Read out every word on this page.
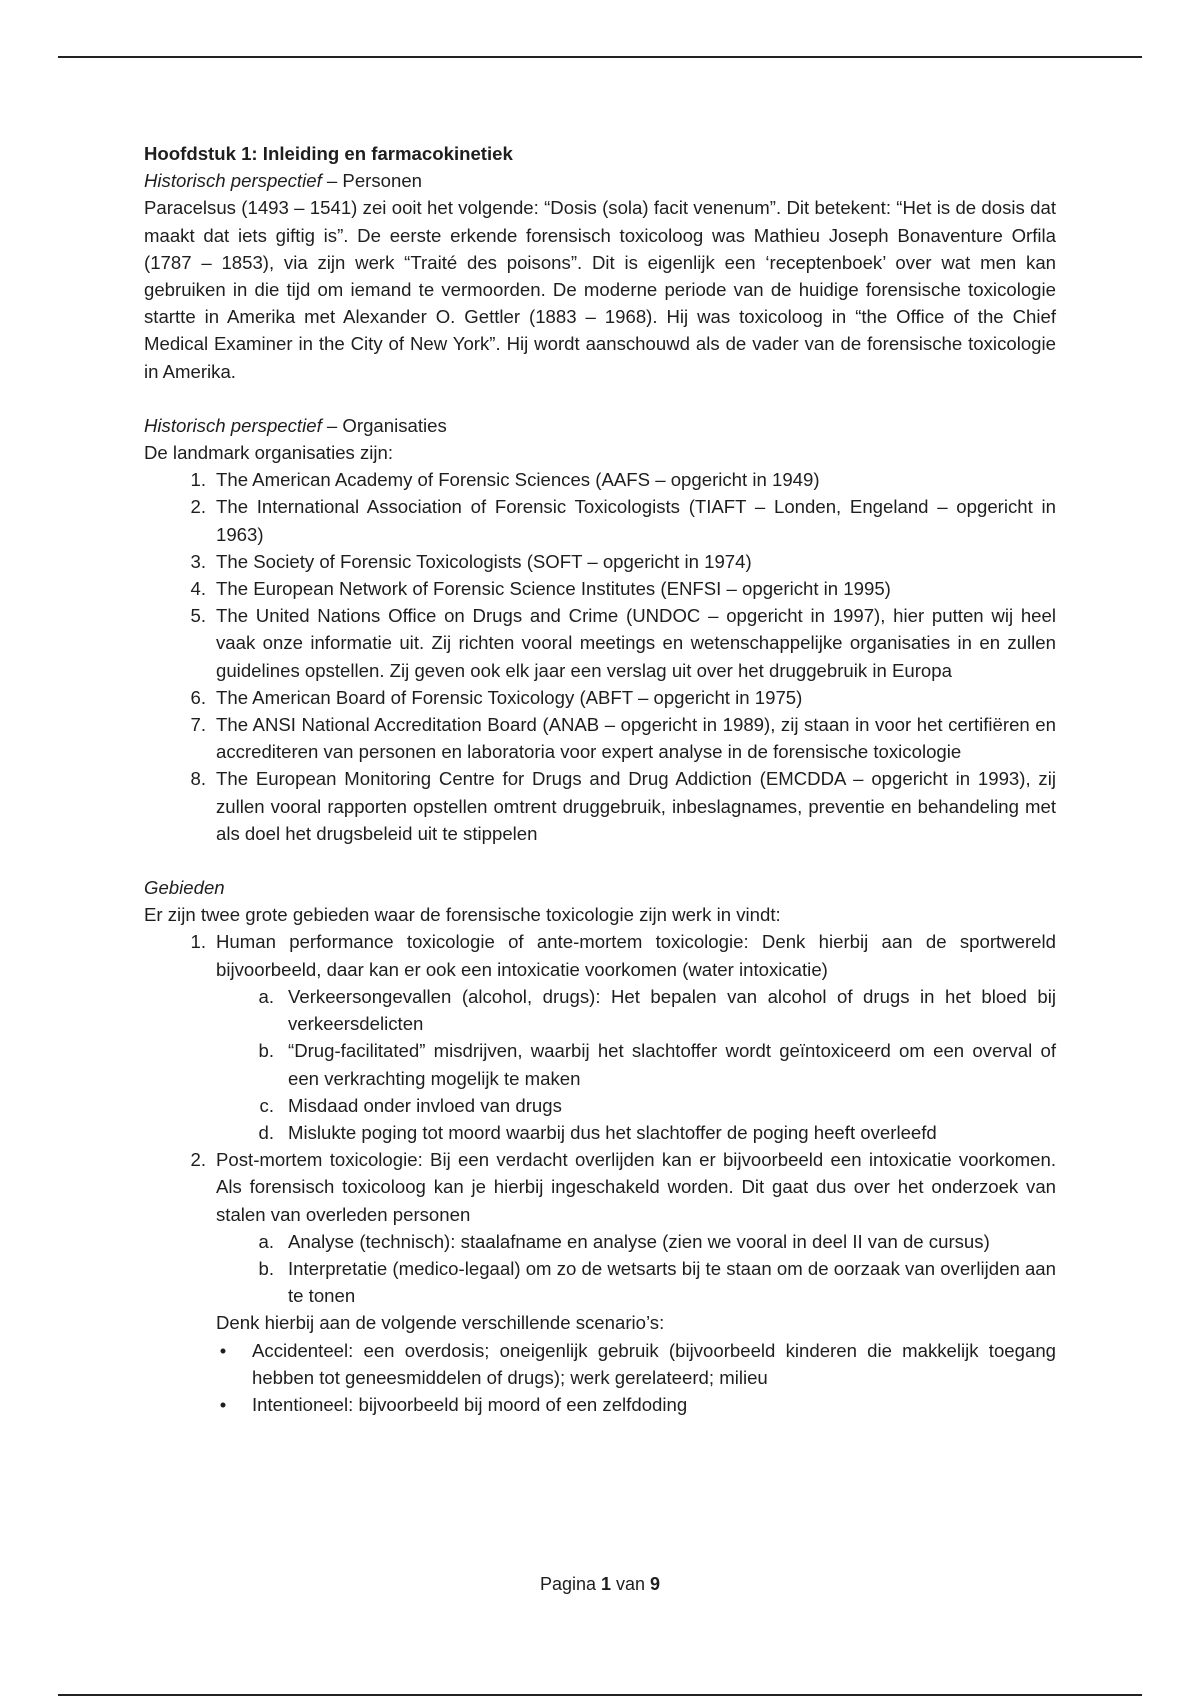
Hoofdstuk 1: Inleiding en farmacokinetiek

Historisch perspectief – Personen

Paracelsus (1493 – 1541) zei ooit het volgende: “Dosis (sola) facit venenum”. Dit betekent: “Het is de dosis dat maakt dat iets giftig is”. De eerste erkende forensisch toxicoloog was Mathieu Joseph Bonaventure Orfila (1787 – 1853), via zijn werk “Traité des poisons”. Dit is eigenlijk een ‘receptenboek’ over wat men kan gebruiken in die tijd om iemand te vermoorden. De moderne periode van de huidige forensische toxicologie startte in Amerika met Alexander O. Gettler (1883 – 1968). Hij was toxicoloog in “the Office of the Chief Medical Examiner in the City of New York”. Hij wordt aanschouwd als de vader van de forensische toxicologie in Amerika.

Historisch perspectief – Organisaties

De landmark organisaties zijn:

1. The American Academy of Forensic Sciences (AAFS – opgericht in 1949)
2. The International Association of Forensic Toxicologists (TIAFT – Londen, Engeland – opgericht in 1963)
3. The Society of Forensic Toxicologists (SOFT – opgericht in 1974)
4. The European Network of Forensic Science Institutes (ENFSI – opgericht in 1995)
5. The United Nations Office on Drugs and Crime (UNDOC – opgericht in 1997), hier putten wij heel vaak onze informatie uit. Zij richten vooral meetings en wetenschappelijke organisaties in en zullen guidelines opstellen. Zij geven ook elk jaar een verslag uit over het druggebruik in Europa
6. The American Board of Forensic Toxicology (ABFT – opgericht in 1975)
7. The ANSI National Accreditation Board (ANAB – opgericht in 1989), zij staan in voor het certifiëren en accrediteren van personen en laboratoria voor expert analyse in de forensische toxicologie
8. The European Monitoring Centre for Drugs and Drug Addiction (EMCDDA – opgericht in 1993), zij zullen vooral rapporten opstellen omtrent druggebruik, inbeslagnames, preventie en behandeling met als doel het drugsbeleid uit te stippelen

Gebieden

Er zijn twee grote gebieden waar de forensische toxicologie zijn werk in vindt:

1. Human performance toxicologie of ante-mortem toxicologie: Denk hierbij aan de sportwereld bijvoorbeeld, daar kan er ook een intoxicatie voorkomen (water intoxicatie)
a. Verkeersongevallen (alcohol, drugs): Het bepalen van alcohol of drugs in het bloed bij verkeersdelicten
b. “Drug-facilitated” misdrijven, waarbij het slachtoffer wordt geïntoxiceerd om een overval of een verkrachting mogelijk te maken
c. Misdaad onder invloed van drugs
d. Mislukte poging tot moord waarbij dus het slachtoffer de poging heeft overleefd
2. Post-mortem toxicologie: Bij een verdacht overlijden kan er bijvoorbeeld een intoxicatie voorkomen. Als forensisch toxicoloog kan je hierbij ingeschakeld worden. Dit gaat dus over het onderzoek van stalen van overleden personen
a. Analyse (technisch): staalafname en analyse (zien we vooral in deel II van de cursus)
b. Interpretatie (medico-legaal) om zo de wetsarts bij te staan om de oorzaak van overlijden aan te tonen

Denk hierbij aan de volgende verschillende scenario’s:

• Accidenteel: een overdosis; oneigenlijk gebruik (bijvoorbeeld kinderen die makkelijk toegang hebben tot geneesmiddelen of drugs); werk gerelateerd; milieu
• Intentioneel: bijvoorbeeld bij moord of een zelfdoding
Pagina 1 van 9
